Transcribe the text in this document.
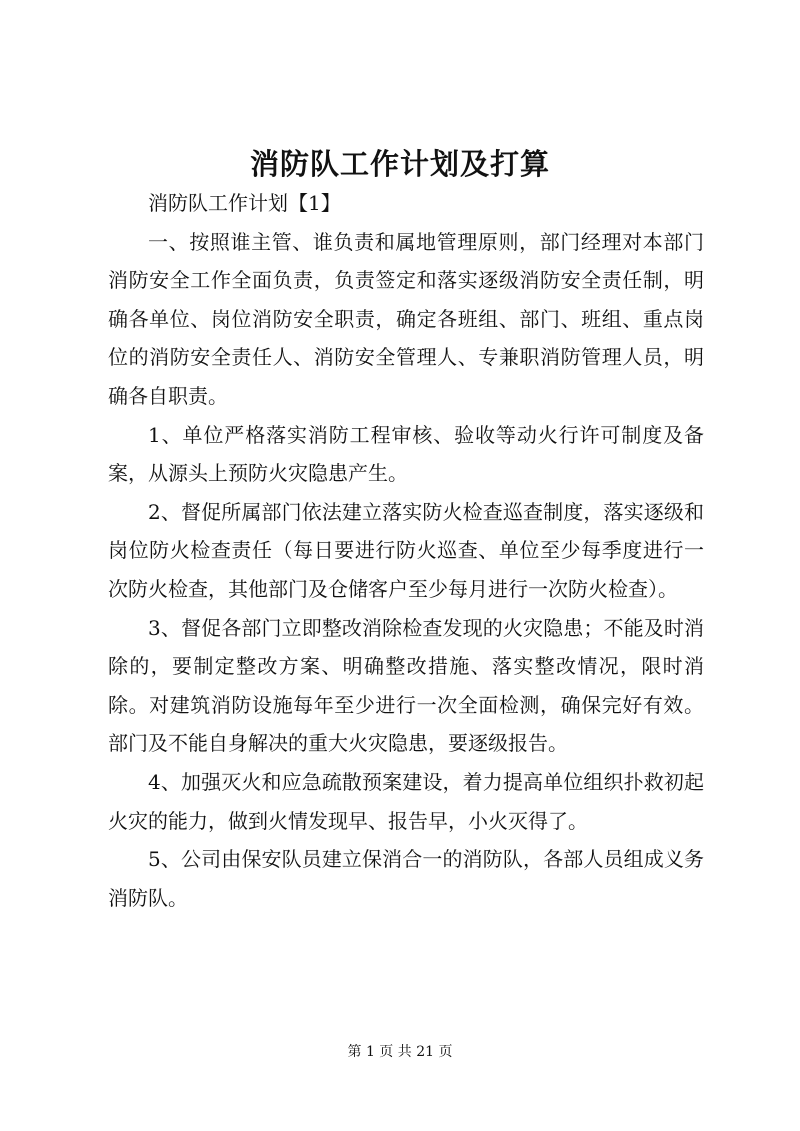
消防队工作计划及打算

消防队工作计划【1】

一、按照谁主管、谁负责和属地管理原则，部门经理对本部门消防安全工作全面负责，负责签定和落实逐级消防安全责任制，明确各单位、岗位消防安全职责，确定各班组、部门、班组、重点岗位的消防安全责任人、消防安全管理人、专兼职消防管理人员，明确各自职责。

1、单位严格落实消防工程审核、验收等动火行许可制度及备案，从源头上预防火灾隐患产生。

2、督促所属部门依法建立落实防火检查巡查制度，落实逐级和岗位防火检查责任（每日要进行防火巡查、单位至少每季度进行一次防火检查，其他部门及仓储客户至少每月进行一次防火检查）。

3、督促各部门立即整改消除检查发现的火灾隐患；不能及时消除的，要制定整改方案、明确整改措施、落实整改情况，限时消除。对建筑消防设施每年至少进行一次全面检测，确保完好有效。部门及不能自身解决的重大火灾隐患，要逐级报告。

4、加强灭火和应急疏散预案建设，着力提高单位组织扑救初起火灾的能力，做到火情发现早、报告早，小火灭得了。

5、公司由保安队员建立保消合一的消防队，各部人员组成义务消防队。

第 1 页 共 21 页
